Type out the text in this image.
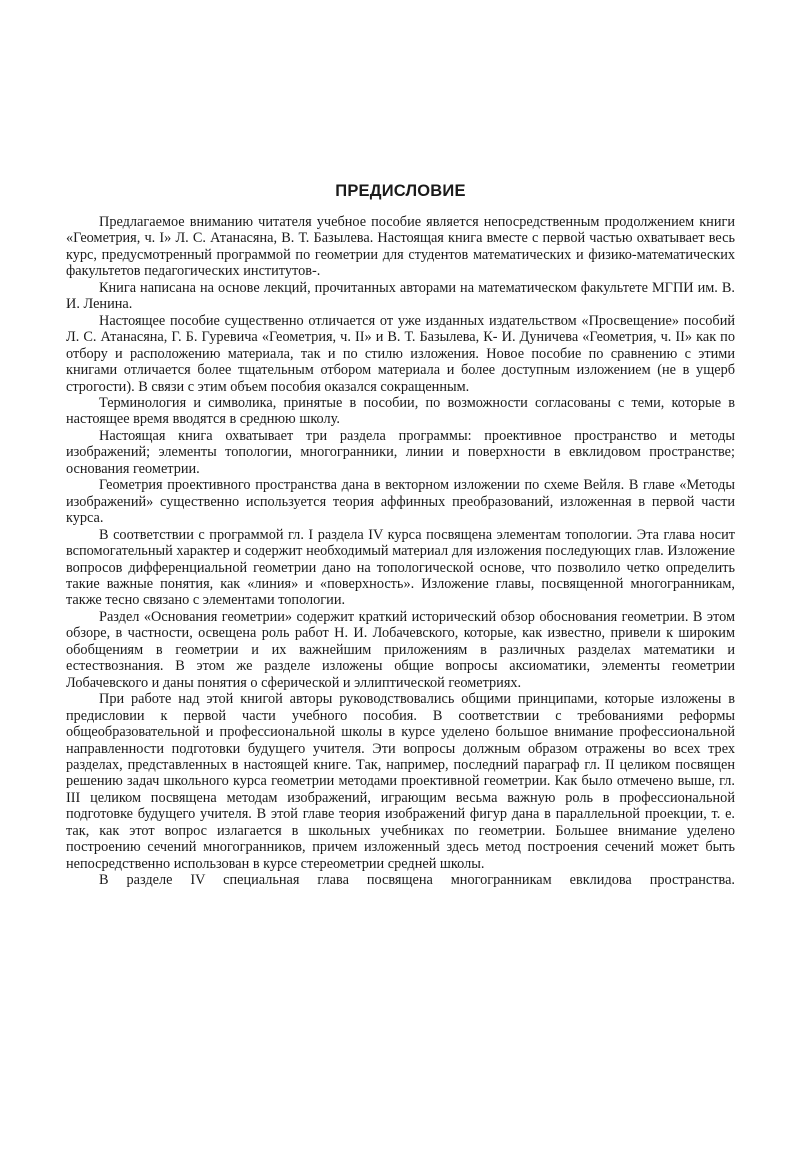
ПРЕДИСЛОВИЕ

Предлагаемое вниманию читателя учебное пособие является непосредственным продолжением книги «Геометрия, ч. I» Л. С. Атанасяна, В. Т. Базылева. Настоящая книга вместе с первой частью охватывает весь курс, предусмотренный программой по геометрии для студентов математических и физико-математических факультетов педагогических институтов-.

Книга написана на основе лекций, прочитанных авторами на математическом факультете МГПИ им. В. И. Ленина.

Настоящее пособие существенно отличается от уже изданных издательством «Просвещение» пособий Л. С. Атанасяна, Г. Б. Гуревича «Геометрия, ч. II» и В. Т. Базылева, К- И. Дуничева «Геометрия, ч. II» как по отбору и расположению материала, так и по стилю изложения. Новое пособие по сравнению с этими книгами отличается более тщательным отбором материала и более доступным изложением (не в ущерб строгости). В связи с этим объем пособия оказался сокращенным.

Терминология и символика, принятые в пособии, по возможности согласованы с теми, которые в настоящее время вводятся в среднюю школу.

Настоящая книга охватывает три раздела программы: проективное пространство и методы изображений; элементы топологии, многогранники, линии и поверхности в евклидовом пространстве; основания геометрии.

Геометрия проективного пространства дана в векторном изложении по схеме Вейля. В главе «Методы изображений» существенно используется теория аффинных преобразований, изложенная в первой части курса.

В соответствии с программой гл. I раздела IV курса посвящена элементам топологии. Эта глава носит вспомогательный характер и содержит необходимый материал для изложения последующих глав. Изложение вопросов дифференциальной геометрии дано на топологической основе, что позволило четко определить такие важные понятия, как «линия» и «поверхность». Изложение главы, посвященной многогранникам, также тесно связано с элементами топологии.

Раздел «Основания геометрии» содержит краткий исторический обзор обоснования геометрии. В этом обзоре, в частности, освещена роль работ Н. И. Лобачевского, которые, как известно, привели к широким обобщениям в геометрии и их важнейшим приложениям в различных разделах математики и естествознания. В этом же разделе изложены общие вопросы аксиоматики, элементы геометрии Лобачевского и даны понятия о сферической и эллиптической геометриях.

При работе над этой книгой авторы руководствовались общими принципами, которые изложены в предисловии к первой части учебного пособия. В соответствии с требованиями реформы общеобразовательной и профессиональной школы в курсе уделено большое внимание профессиональной направленности подготовки будущего учителя. Эти вопросы должным образом отражены во всех трех разделах, представленных в настоящей книге. Так, например, последний параграф гл. II целиком посвящен решению задач школьного курса геометрии методами проективной геометрии. Как было отмечено выше, гл. III целиком посвящена методам изображений, играющим весьма важную роль в профессиональной подготовке будущего учителя. В этой главе теория изображений фигур дана в параллельной проекции, т. е. так, как этот вопрос излагается в школьных учебниках по геометрии. Большее внимание уделено построению сечений многогранников, причем изложенный здесь метод построения сечений может быть непосредственно использован в курсе стереометрии средней школы.

В разделе IV специальная глава посвящена многогранникам евклидова пространства.
